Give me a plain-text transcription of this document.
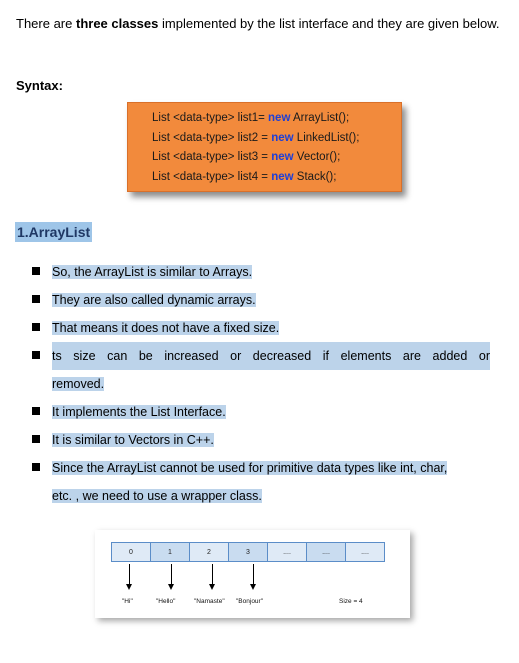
There are three classes implemented by the list interface and they are given below.
Syntax:
List <data-type> list1= new ArrayList();
List <data-type> list2 = new LinkedList();
List <data-type> list3 = new Vector();
List <data-type> list4 = new Stack();
1.ArrayList
So, the ArrayList is similar to Arrays.
They are also called dynamic arrays.
That means it does not have a fixed size.
ts size can be increased or decreased if elements are added or
removed.
It implements the List Interface.
It is similar to Vectors in C++.
Since the ArrayList cannot be used for primitive data types like int, char,
etc. , we need to use a wrapper class.
0	1	2	3	....	....	....
"Hi"	"Hello"	"Namaste" "Bonjour"	Size = 4
